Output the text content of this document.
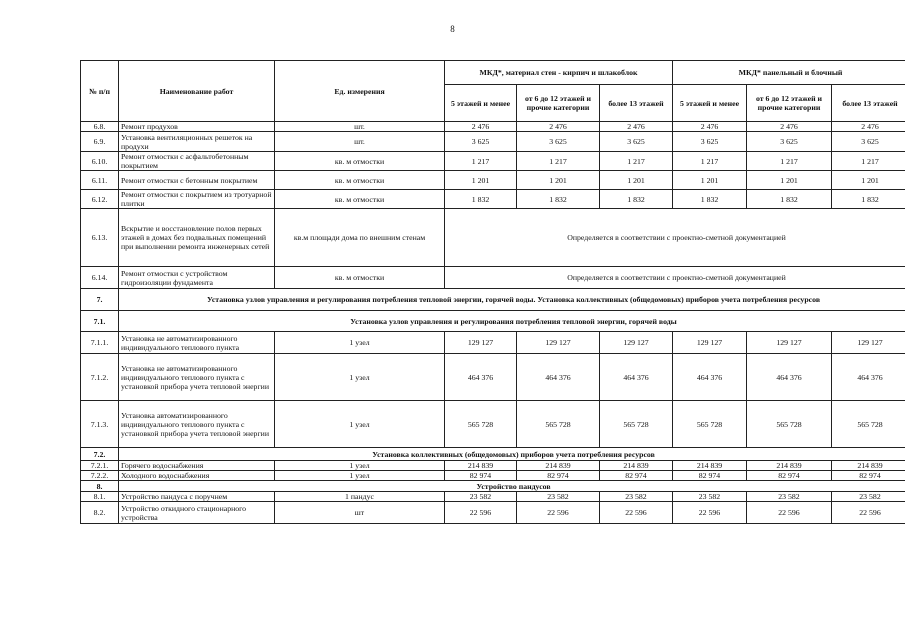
8
№ п/п	Наименование работ	Ед. измерения	МКД*, материал стен - кирпич и шлакоблок			МКД* панельный и блочный		
			5 этажей и менее	от 6 до 12 этажей и прочие категории	более 13 этажей	5 этажей и менее	от 6 до 12 этажей и прочие категории	более 13 этажей
6.8.	Ремонт продухов	шт.	2 476	2 476	2 476	2 476	2 476	2 476
6.9.	Установка вентиляционных решеток на продухи	шт.	3 625	3 625	3 625	3 625	3 625	3 625
6.10.	Ремонт отмостки с асфальтобетонным покрытием	кв. м отмостки	1 217	1 217	1 217	1 217	1 217	1 217
6.11.	Ремонт отмостки с бетонным покрытием	кв. м отмостки	1 201	1 201	1 201	1 201	1 201	1 201
6.12.	Ремонт отмостки с покрытием из тротуарной плитки	кв. м отмостки	1 832	1 832	1 832	1 832	1 832	1 832
6.13.	Вскрытие и восстановление полов первых этажей в домах без подвальных помещений при выполнении ремонта инженерных сетей	кв.м площади дома по внешним стенам	Определяется в соответствии с проектно-сметной документацией					
6.14.	Ремонт отмостки с устройством гидроизоляции фундамента	кв. м отмостки	Определяется в соответствии с проектно-сметной документацией					
7.	Установка узлов управления и регулирования потребления тепловой энергии, горячей воды. Установка коллективных (общедомовых) приборов учета потребления ресурсов							
7.1.	Установка узлов управления и регулирования потребления тепловой энергии, горячей воды							
7.1.1.	Установка не автоматизированного индивидуального теплового пункта	1 узел	129 127	129 127	129 127	129 127	129 127	129 127
7.1.2.	Установка не автоматизированного индивидуального теплового пункта с установкой прибора учета тепловой энергии	1 узел	464 376	464 376	464 376	464 376	464 376	464 376
7.1.3.	Установка автоматизированного индивидуального теплового пункта с установкой прибора учета тепловой энергии	1 узел	565 728	565 728	565 728	565 728	565 728	565 728
7.2.	Установка коллективных (общедомовых) приборов учета потребления ресурсов							
7.2.1.	Горячего водоснабжения	1 узел	214 839	214 839	214 839	214 839	214 839	214 839
7.2.2.	Холодного водоснабжения	1 узел	82 974	82 974	82 974	82 974	82 974	82 974
8.	Устройство пандусов							
8.1.	Устройство пандуса с поручнем	1 пандус	23 582	23 582	23 582	23 582	23 582	23 582
8.2.	Устройство откидного стационарного устройства	шт	22 596	22 596	22 596	22 596	22 596	22 596
